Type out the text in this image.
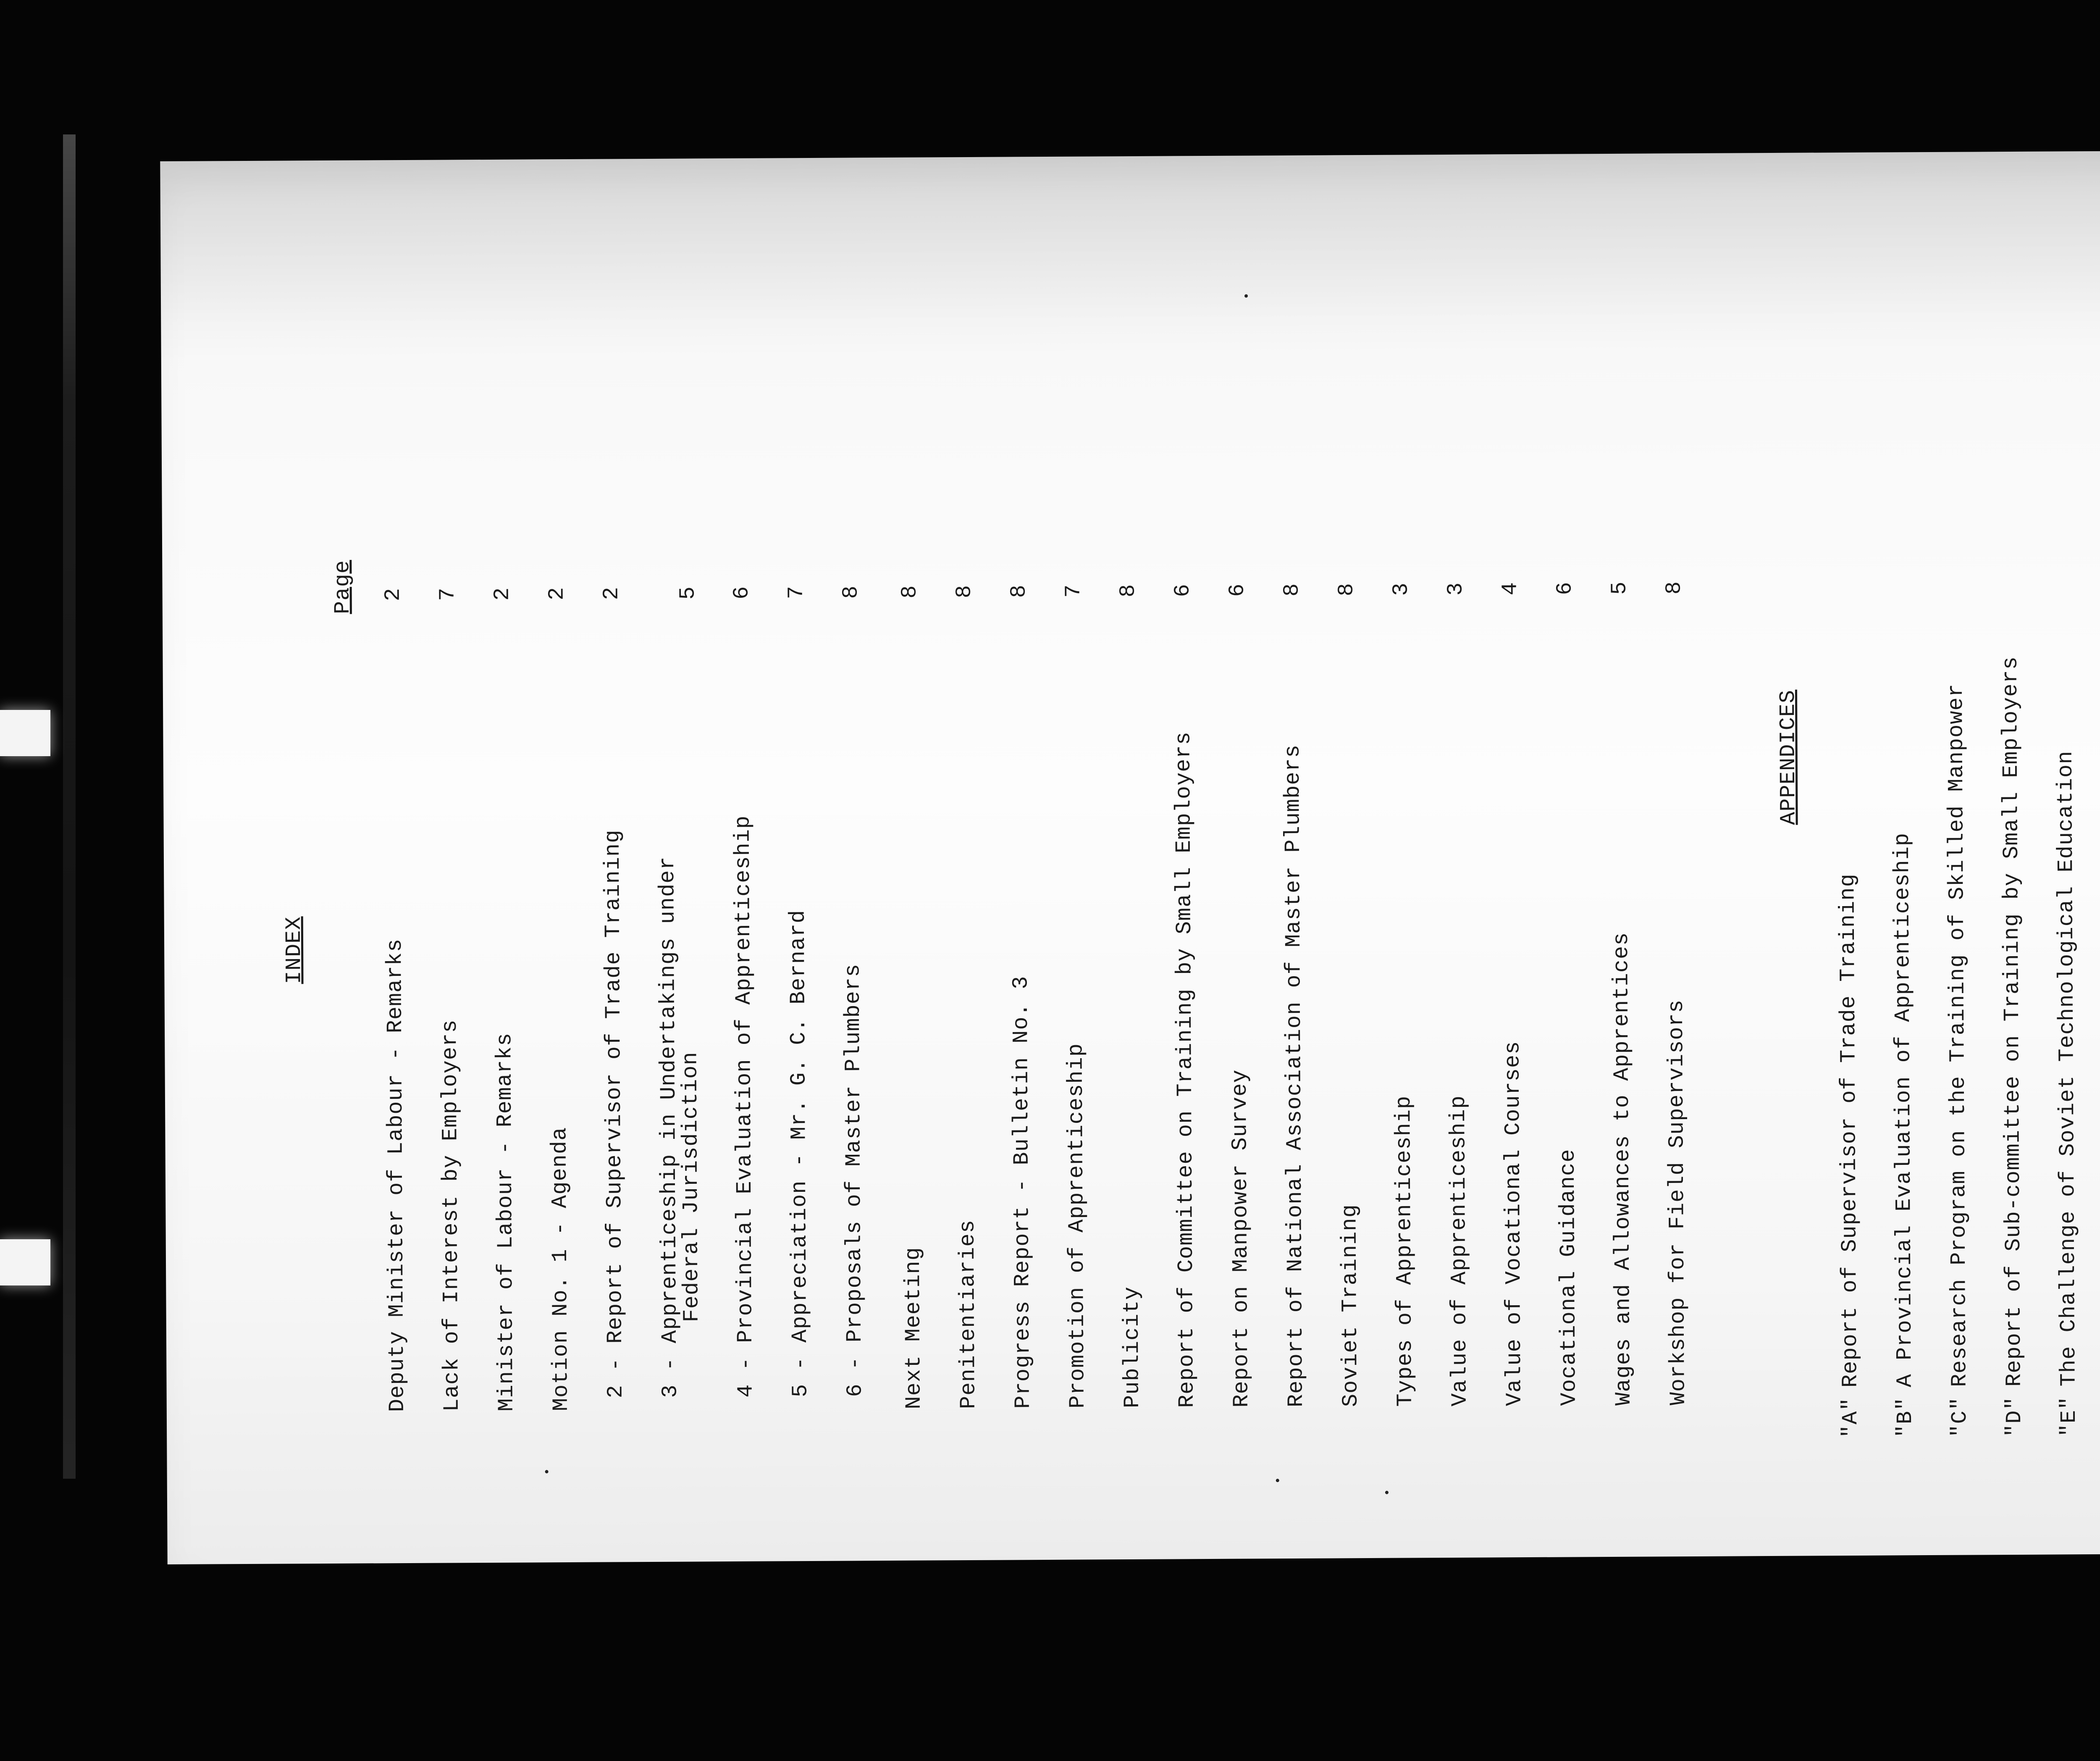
INDEX
Page
Deputy Minister of Labour - Remarks
2
Lack of Interest by Employers
7
Minister of Labour - Remarks
2
Motion No. 1 - Agenda
2
2 -
Report of Supervisor of Trade Training
2
3 -
Apprenticeship in Undertakings under
Federal Jurisdiction
5
4 -
Provincial Evaluation of Apprenticeship
6
5 -
Appreciation - Mr. G. C. Bernard
7
6 -
Proposals of Master Plumbers
8
Next Meeting
8
Penitentiaries
8
Progress Report - Bulletin No. 3
8
Promotion of Apprenticeship
7
Publicity
8
Report of Committee on Training by Small Employers
6
Report on Manpower Survey
6
Report of National Association of Master Plumbers
8
Soviet Training
8
Types of Apprenticeship
3
Value of Apprenticeship
3
Value of Vocational Courses
4
Vocational Guidance
6
Wages and Allowances to Apprentices
5
Workshop for Field Supervisors
8
APPENDICES
"A"
Report of Supervisor of Trade Training
"B"
A Provincial Evaluation of Apprenticeship
"C"
Research Program on the Training of Skilled Manpower
"D"
Report of Sub-committee on Training by Small Employers
"E"
The Challenge of Soviet Technological Education
